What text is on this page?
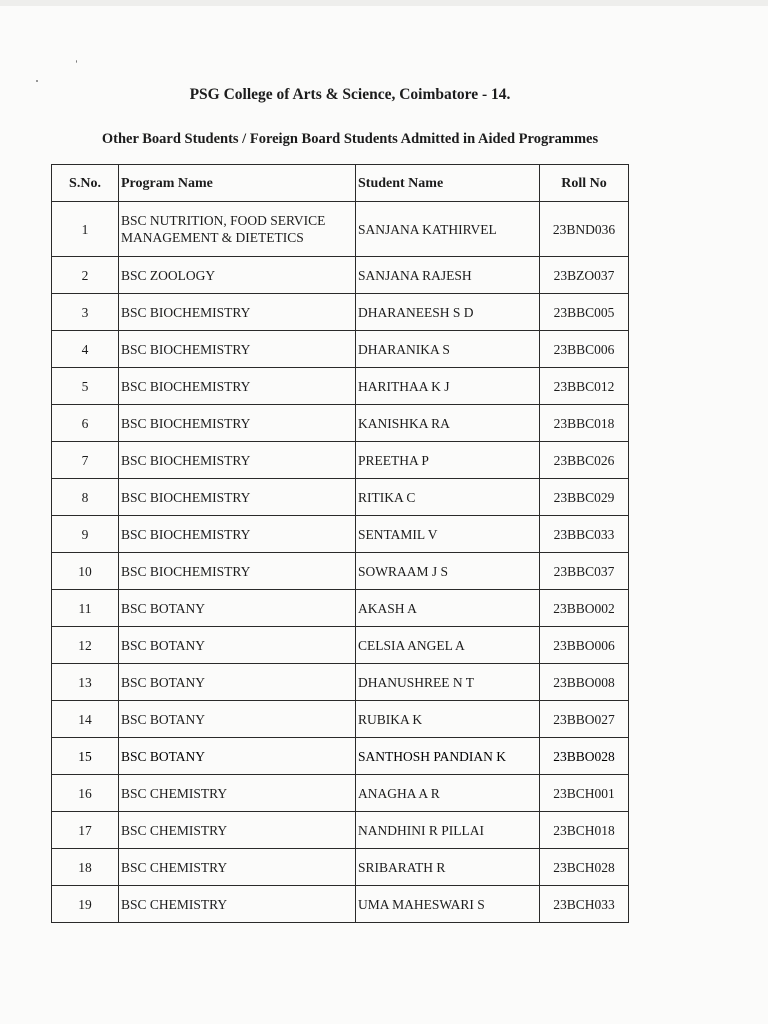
PSG College of Arts & Science, Coimbatore - 14.
Other Board Students / Foreign Board Students Admitted in Aided Programmes
S.No.	Program Name	Student Name	Roll No
1	BSC NUTRITION, FOOD SERVICE MANAGEMENT & DIETETICS	SANJANA KATHIRVEL	23BND036
2	BSC ZOOLOGY	SANJANA RAJESH	23BZO037
3	BSC BIOCHEMISTRY	DHARANEESH S D	23BBC005
4	BSC BIOCHEMISTRY	DHARANIKA S	23BBC006
5	BSC BIOCHEMISTRY	HARITHAA K J	23BBC012
6	BSC BIOCHEMISTRY	KANISHKA RA	23BBC018
7	BSC BIOCHEMISTRY	PREETHA P	23BBC026
8	BSC BIOCHEMISTRY	RITIKA C	23BBC029
9	BSC BIOCHEMISTRY	SENTAMIL V	23BBC033
10	BSC BIOCHEMISTRY	SOWRAAM J S	23BBC037
11	BSC BOTANY	AKASH A	23BBO002
12	BSC BOTANY	CELSIA ANGEL A	23BBO006
13	BSC BOTANY	DHANUSHREE N T	23BBO008
14	BSC BOTANY	RUBIKA K	23BBO027
15	BSC BOTANY	SANTHOSH PANDIAN K	23BBO028
16	BSC CHEMISTRY	ANAGHA A R	23BCH001
17	BSC CHEMISTRY	NANDHINI R PILLAI	23BCH018
18	BSC CHEMISTRY	SRIBARATH R	23BCH028
19	BSC CHEMISTRY	UMA MAHESWARI S	23BCH033
